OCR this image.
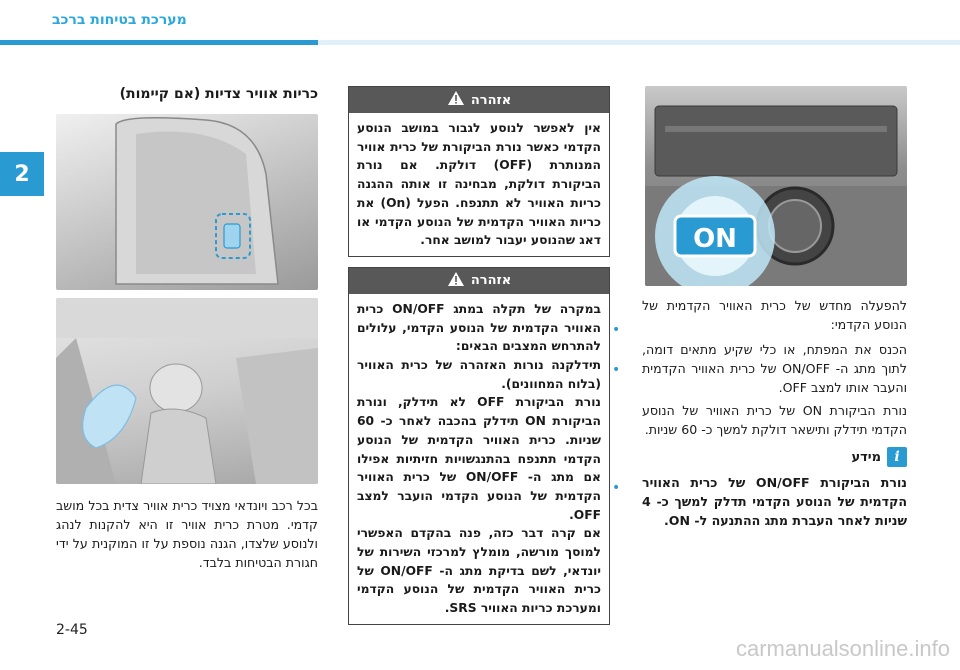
מערכת בטיחות ברכב
2
כריות אוויר צדיות (אם קיימות)
בכל רכב ויונדאי מצויד כרית אוויר צדית בכל מושב קדמי. מטרת כרית אוויר זו היא להקנות לנהג ולנוסע שלצדו, הגנה נוספת על זו המוקנית על ידי חגורת הבטיחות בלבד.
אזהרה
אין לאפשר לנוסע לגבור במושב הנוסע הקדמי כאשר נורת הביקורת של כרית אוויר המנותרת (OFF) דולקת. אם נורת הביקורת דולקת, מבחינה זו אותה ההגנה כריות האוויר לא תתנפח. הפעל (On) את כריות האוויר הקדמית של הנוסע הקדמי או דאג שהנוסע יעבור למושב אחר.
אזהרה

במקרה של תקלה במתג ON/OFF כרית האוויר הקדמית של הנוסע הקדמי, עלולים להתרחש המצבים הבאים:

תידלקנה נורות האזהרה של כרית האוויר (בלוח המחוונים).

נורת הביקורת OFF לא תידלק, ונורת הביקורת ON תידלק בהכבה לאחר כ- 60 שניות. כרית האוויר הקדמית של הנוסע הקדמי תתנפח בהתנגשויות חזיתיות אפילו אם מתג ה- ON/OFF של כרית האוויר הקדמית של הנוסע הקדמי הועבר למצב OFF.

אם קרה דבר כזה, פנה בהקדם האפשרי למוסך מורשה, מומלץ למרכזי השירות של יונדאי, לשם בדיקת מתג ה- ON/OFF של כרית האוויר הקדמית של הנוסע הקדמי ומערכת כריות האוויר SRS.

•
•
•
ON
להפעלה מחדש של כרית האוויר הקדמית של הנוסע הקדמי:
הכנס את המפתח, או כלי שקיע מתאים דומה, לתוך מתג ה- ON/OFF של כרית האוויר הקדמית והעבר אותו למצב OFF.
נורת הביקורת ON של כרית האוויר של הנוסע הקדמי תידלק ותישאר דולקת למשך כ- 60 שניות.
i
מידע
נורת הביקורת ON/OFF של כרית האוויר הקדמית של הנוסע הקדמי תדלק למשך כ- 4 שניות לאחר העברת מתג ההתנעה ל- ON.
2-45
carmanualsonline.info
